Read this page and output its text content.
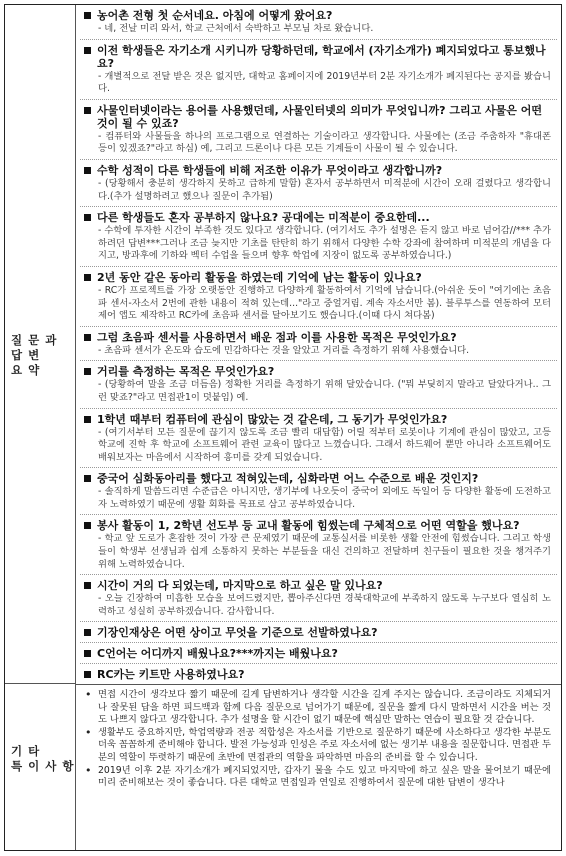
질 문 과
답 변
요 약
기 타
특 이 사 항
농어촌 전형 첫 순서네요. 아침에 어떻게 왔어요?
- 네, 전날 미리 와서, 학교 근처에서 숙박하고 부모님 차로 왔습니다.
이전 학생들은 자기소개 시키니까 당황하던데, 학교에서 (자기소개가) 폐지되었다고 통보했나요?
- 개별적으로 전달 받은 것은 없지만, 대학교 홈페이지에 2019년부터 2분 자기소개가 폐지된다는 공지를 봤습니다.
사물인터넷이라는 용어를 사용했던데, 사물인터넷의 의미가 무엇입니까? 그리고 사물은 어떤 것이 될 수 있죠?
- 컴퓨터와 사물들을 하나의 프로그램으로 연결하는 기술이라고 생각합니다. 사물에는 (조금 주춤하자 "휴대폰 등이 있겠죠?"라고 하심) 예, 그리고 드론이나 다른 모든 기계들이 사물이 될 수 있습니다.
수학 성적이 다른 학생들에 비해 저조한 이유가 무엇이라고 생각합니까?
- (당황해서 충분히 생각하지 못하고 급하게 말함) 혼자서 공부하면서 미적분에 시간이 오래 걸렸다고 생각합니다.(추가 설명하려고 했으나 질문이 추가됨)
다른 학생들도 혼자 공부하지 않나요? 공대에는 미적분이 중요한데...
- 수학에 투자한 시간이 부족한 것도 있다고 생각합니다. (여기서도 추가 설명은 듣지 않고 바로 넘어감//*** 추가하려던 답변***그러나 조금 늦지만 기초를 탄탄히 하기 위해서 다양한 수학 강좌에 참여하며 미적분의 개념을 다지고, 방과후에 기하와 벡터 수업을 들으며 향후 학업에 지장이 없도록 공부하였습니다.)
2년 동안 같은 동아리 활동을 하였는데 기억에 남는 활동이 있나요?
- RC가 프로젝트를 가장 오랫동안 진행하고 다양하게 활동하여서 기억에 남습니다.(아쉬운 듯이 "여기에는 초음파 센서-자소서 2번에 관한 내용이 적혀 있는데..."라고 중얼거림. 계속 자소서만 봄). 블루투스를 연동하여 모터 제어 앱도 제작하고 RC카에 초음파 센서를 달아보기도 했습니다.(이때 다시 쳐다봄)
그럼 초음파 센서를 사용하면서 배운 점과 이를 사용한 목적은 무엇인가요?
- 초음파 센서가 온도와 습도에 민감하다는 것을 알았고 거리를 측정하기 위해 사용했습니다.
거리를 측정하는 목적은 무엇인가요?
- (당황하여 말을 조금 더듬음) 정확한 거리를 측정하기 위해 달았습니다. ("뭐 부딪히지 말라고 달았다거나.. 그런 맞죠?"라고 면접관1이 덧붙임) 예.
1학년 때부터 컴퓨터에 관심이 많았는 것 같은데, 그 동기가 무엇인가요?
- (여기서부터 모든 질문에 끊기지 않도록 조금 빨리 대답함) 어릴 적부터 로봇이나 기계에 관심이 많았고, 고등학교에 진학 후 학교에 소프트웨어 관련 교육이 많다고 느꼈습니다. 그래서 하드웨어 뿐만 아니라 소프트웨어도 배워보자는 마음에서 시작하여 흥미를 갖게 되었습니다.
중국어 심화동아리를 했다고 적혀있는데, 심화라면 어느 수준으로 배운 것인지?
- 솔직하게 말씀드리면 수준급은 아니지만, 생기부에 나오듯이 중국어 외에도 독일어 등 다양한 활동에 도전하고자 노력하였기 때문에 생활 회화를 목표로 삼고 공부하였습니다.
봉사 활동이 1, 2학년 선도부 등 교내 활동에 힘썼는데 구체적으로 어떤 역할을 했나요?
- 학교 앞 도로가 혼잡한 것이 가장 큰 문제였기 때문에 교통실서를 비롯한 생활 안전에 힘썼습니다. 그리고 학생들이 학생부 선생님과 쉽게 소통하지 못하는 부분들을 대신 건의하고 전달하며 친구들이 필요한 것을 챙겨주기 위해 노력하였습니다.
시간이 거의 다 되었는데, 마지막으로 하고 싶은 말 있나요?
- 오늘 긴장하여 미흡한 모습을 보여드렸지만, 뽑아주신다면 경북대학교에 부족하지 않도록 누구보다 열심히 노력하고 성실히 공부하겠습니다. 감사합니다.
기장인재상은 어떤 상이고 무엇을 기준으로 선발하였나요?
C언어는 어디까지 배웠나요?***까지는 배웠나요?
RC카는 키트만 사용하였나요?
• 면접 시간이 생각보다 짧기 때문에 길게 답변하거나 생각할 시간을 길게 주지는 않습니다. 조금이라도 지체되거나 잘못된 답을 하면 피드백과 함께 다음 질문으로 넘어가기 때문에, 질문을 짧게 다시 말하면서 시간을 버는 것도 나쁘지 않다고 생각합니다. 추가 설명을 할 시간이 없기 때문에 핵심만 말하는 연습이 필요할 것 같습니다.
• 생활부도 중요하지만, 학업역량과 전공 적합성은 자소서를 기반으로 질문하기 때문에 사소하다고 생각한 부분도 더욱 꼼꼼하게 준비해야 합니다. 발전 가능성과 인성은 주로 자소서에 없는 생기부 내용을 질문합니다. 면접관 두 분의 역할이 뚜렷하기 때문에 초반에 면접관의 역할을 파악하면 마음의 준비를 할 수 있습니다.
• 2019년 이후 2분 자기소개가 폐지되었지만, 갑자기 물을 수도 있고 마지막에 하고 싶은 말을 물어보기 때문에 미리 준비해보는 것이 좋습니다. 다른 대학교 면접일과 연일로 진행하여서 질문에 대한 답변이 생각나
